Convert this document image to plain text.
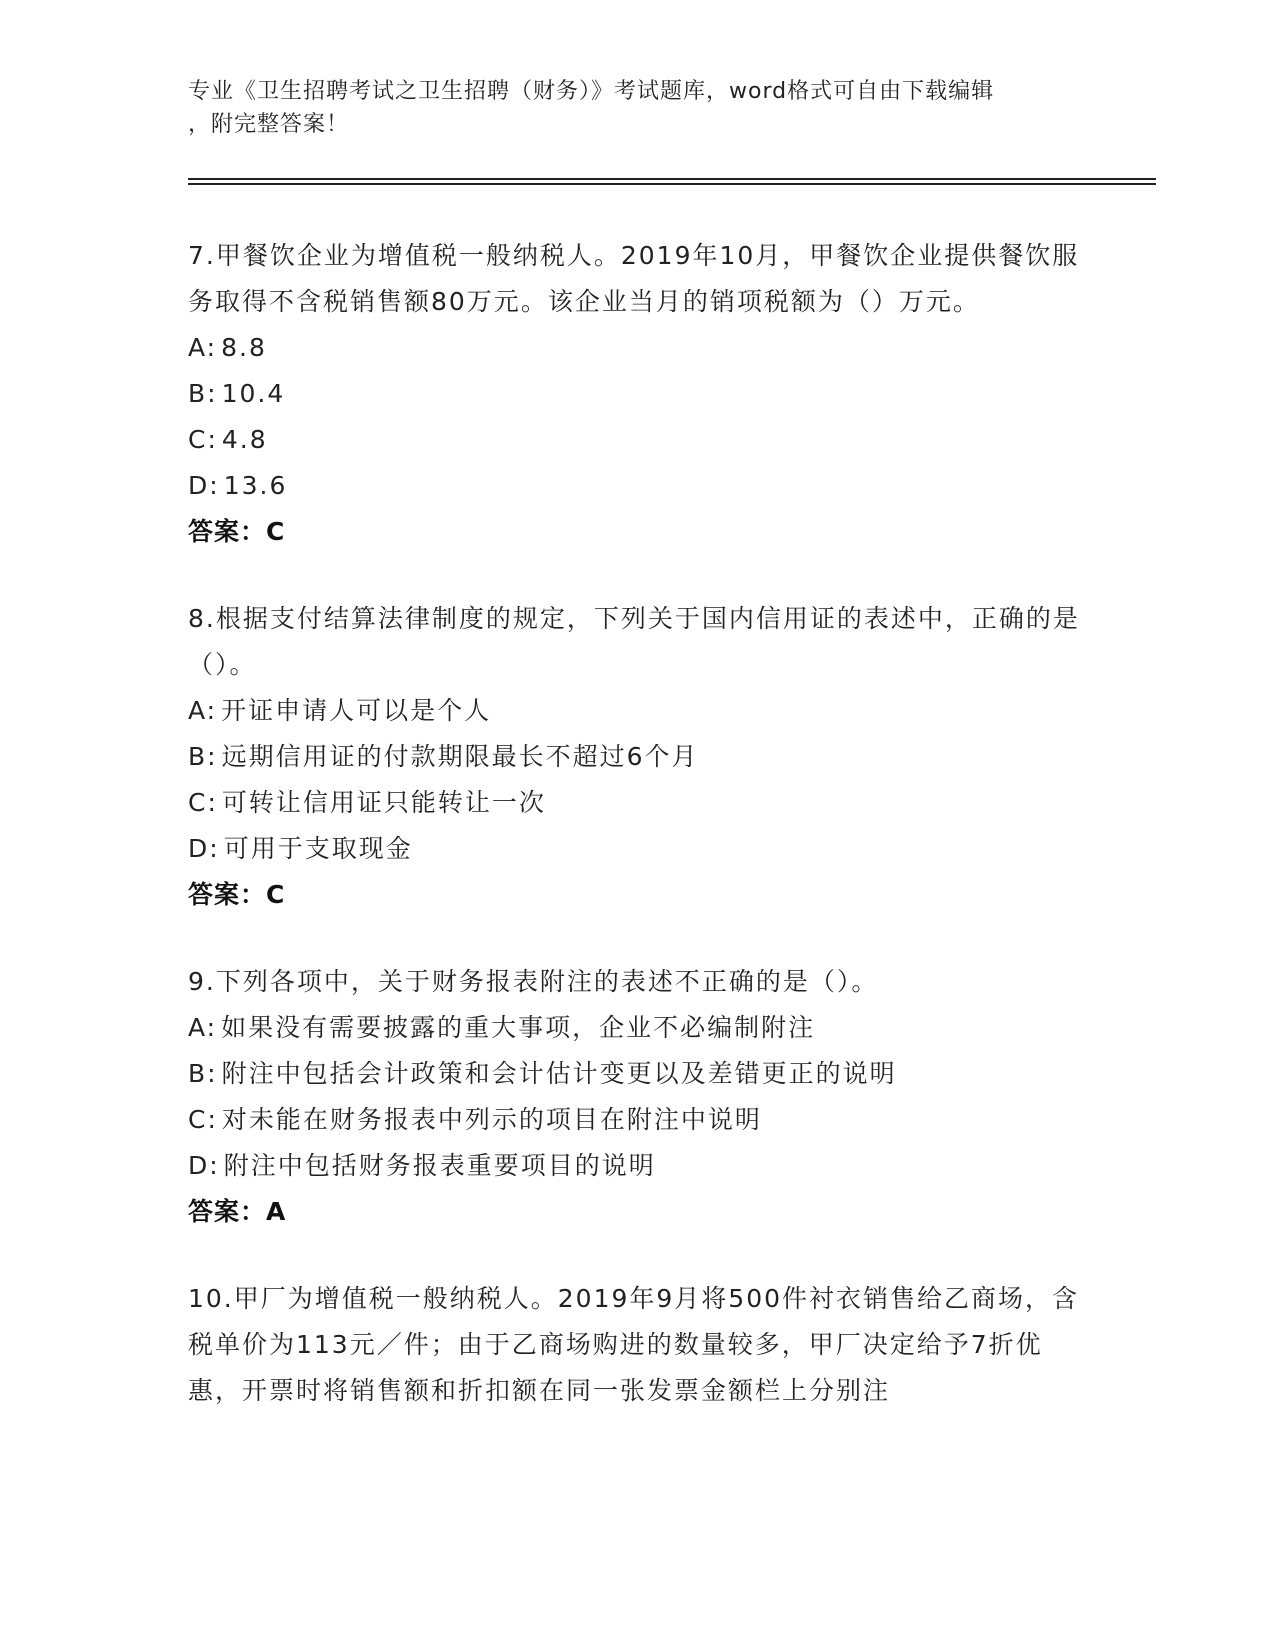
专业《卫生招聘考试之卫生招聘（财务）》考试题库，word格式可自由下载编辑
，附完整答案！

7.甲餐饮企业为增值税一般纳税人。2019年10月，甲餐饮企业提供餐饮服务取得不含税销售额80万元。该企业当月的销项税额为（）万元。

A: 8.8

B: 10.4

C: 4.8

D: 13.6

答案：C

8.根据支付结算法律制度的规定，下列关于国内信用证的表述中，正确的是（）。

A: 开证申请人可以是个人

B: 远期信用证的付款期限最长不超过6个月

C: 可转让信用证只能转让一次

D: 可用于支取现金

答案：C

9.下列各项中，关于财务报表附注的表述不正确的是（）。

A: 如果没有需要披露的重大事项，企业不必编制附注

B: 附注中包括会计政策和会计估计变更以及差错更正的说明

C: 对未能在财务报表中列示的项目在附注中说明

D: 附注中包括财务报表重要项目的说明

答案：A

10.甲厂为增值税一般纳税人。2019年9月将500件衬衣销售给乙商场，含税单价为113元／件；由于乙商场购进的数量较多，甲厂决定给予7折优惠，开票时将销售额和折扣额在同一张发票金额栏上分别注
